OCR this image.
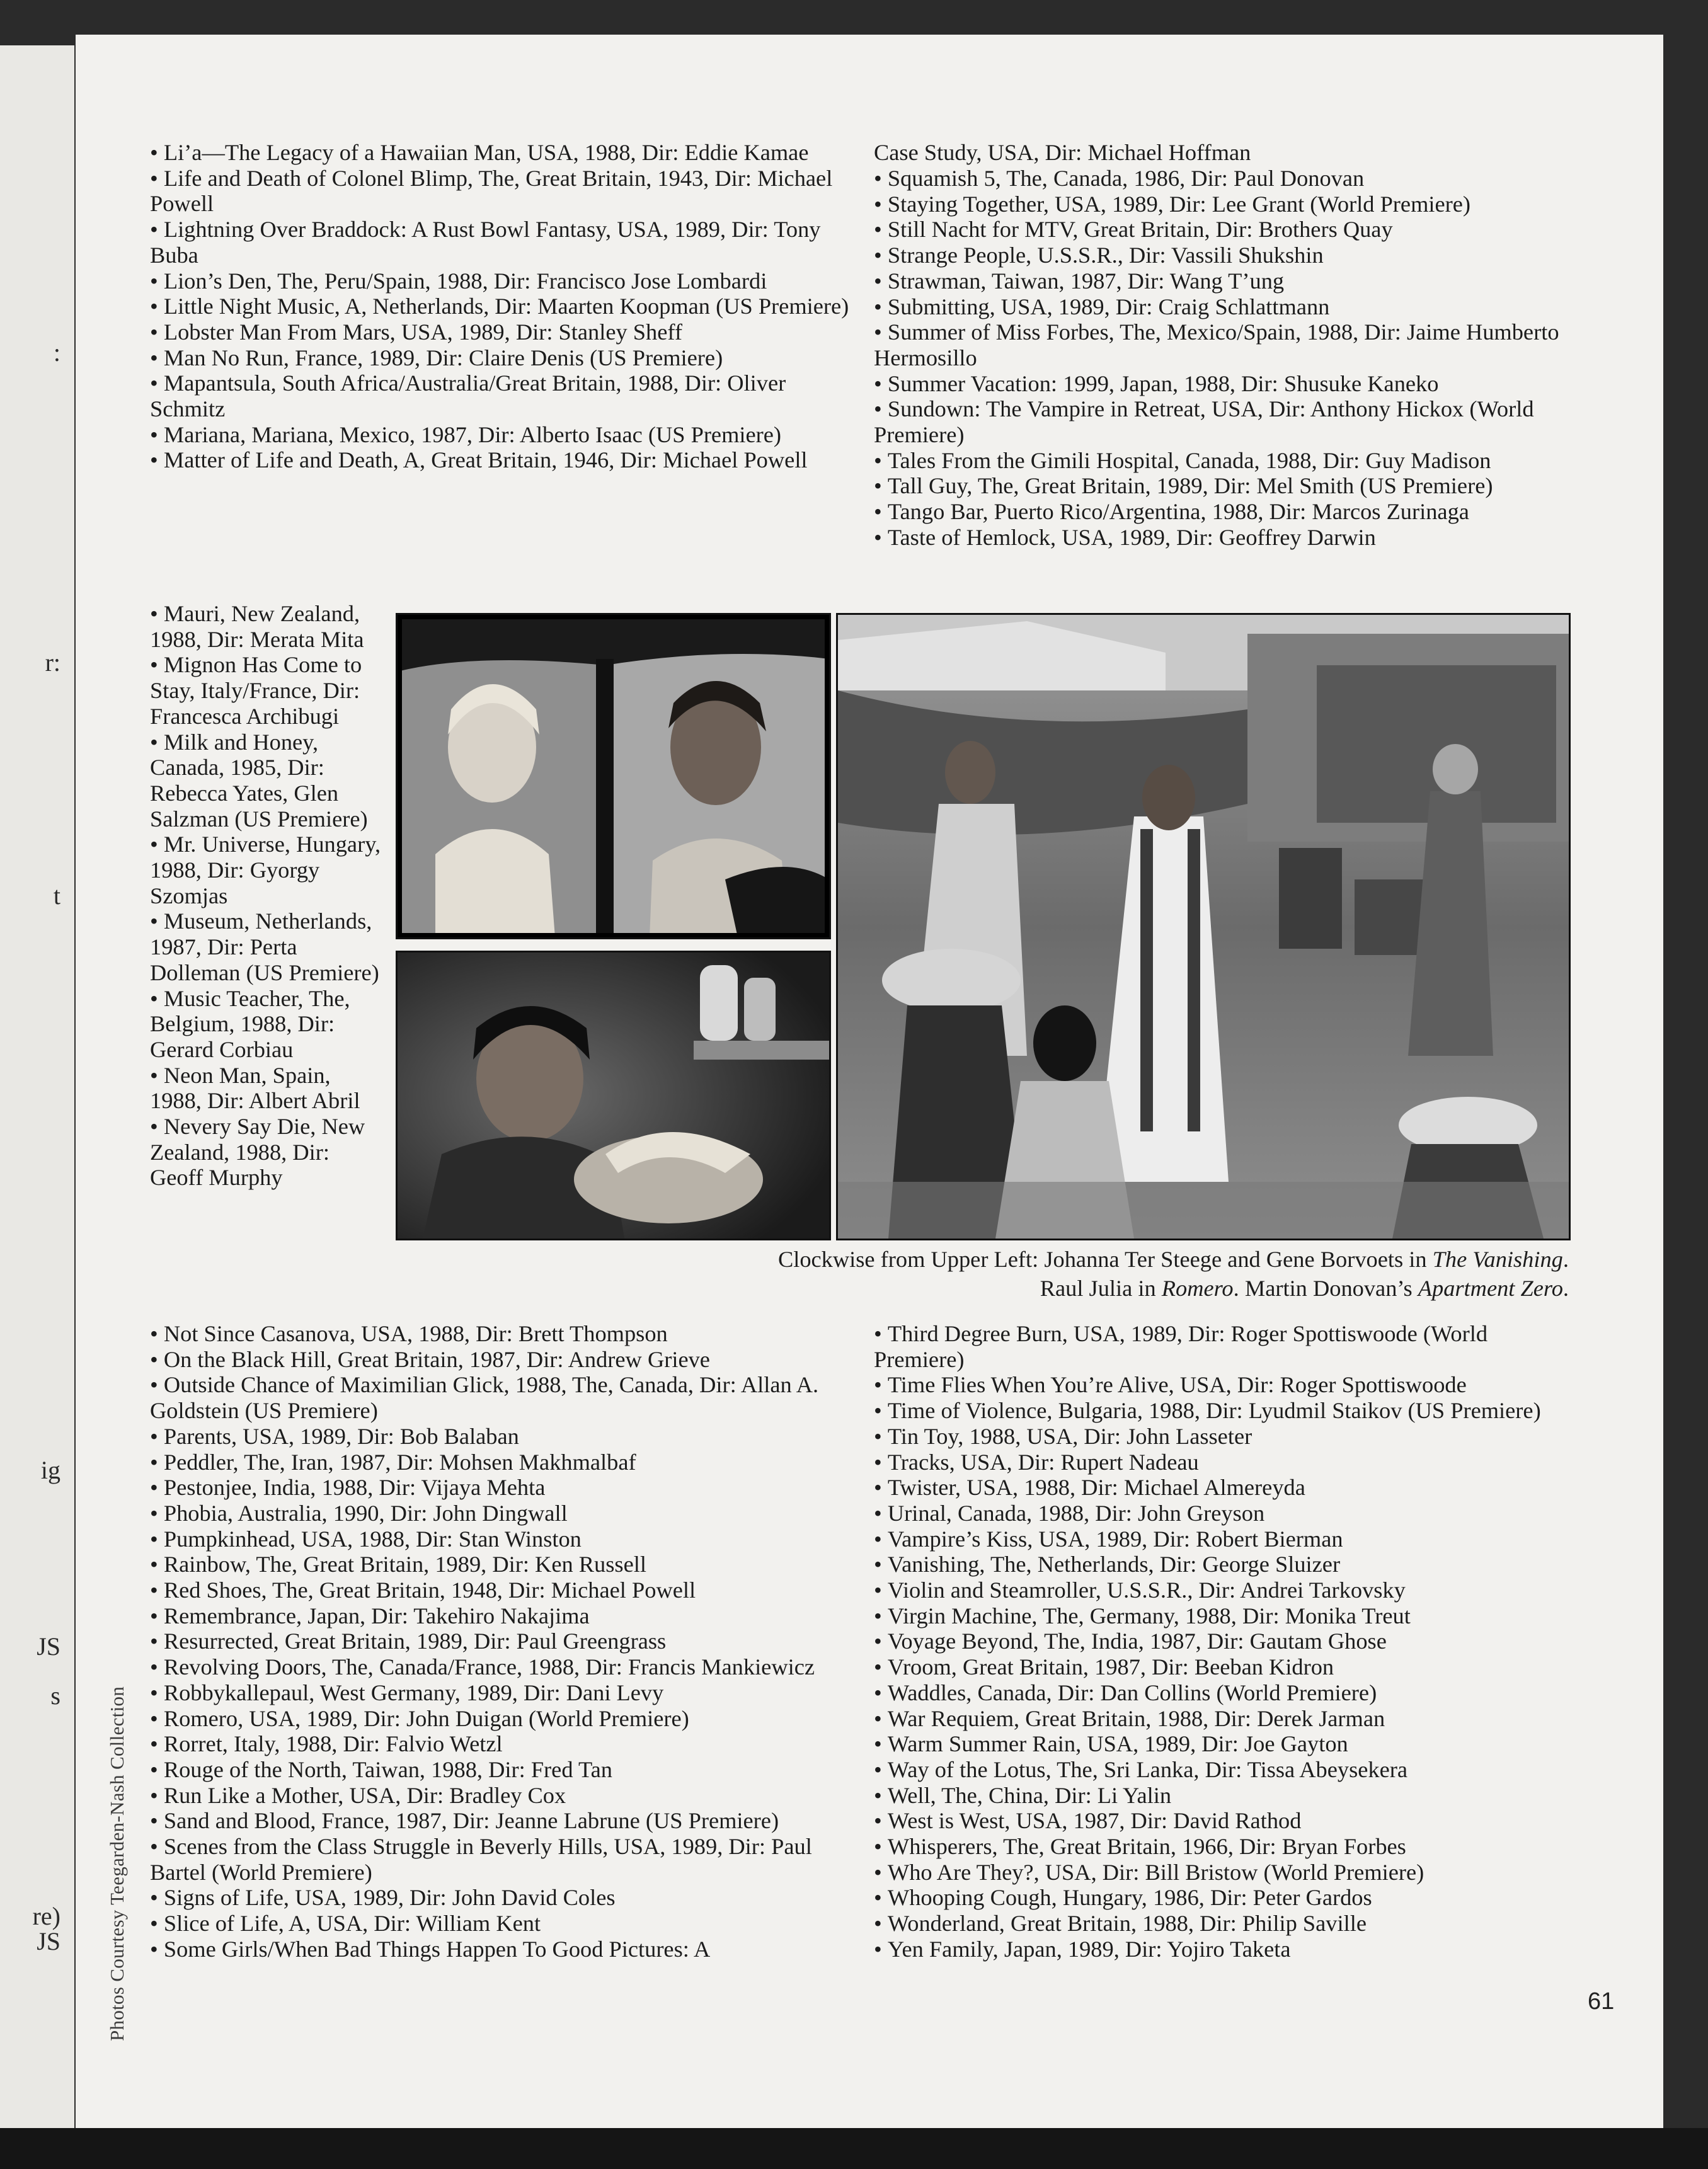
:
r:
t
ig
JS
s
re)
JS Photos Courtesy Teegarden-Nash Collection
• Li’a—The Legacy of a Hawaiian Man, USA, 1988, Dir: Eddie Kamae
• Life and Death of Colonel Blimp, The, Great Britain, 1943, Dir: Michael Powell
• Lightning Over Braddock: A Rust Bowl Fantasy, USA, 1989, Dir: Tony Buba
• Lion’s Den, The, Peru/Spain, 1988, Dir: Francisco Jose Lombardi
• Little Night Music, A, Netherlands, Dir: Maarten Koopman (US Premiere)
• Lobster Man From Mars, USA, 1989, Dir: Stanley Sheff
• Man No Run, France, 1989, Dir: Claire Denis (US Premiere)
• Mapantsula, South Africa/Australia/Great Britain, 1988, Dir: Oliver Schmitz
• Mariana, Mariana, Mexico, 1987, Dir: Alberto Isaac (US Premiere)
• Matter of Life and Death, A, Great Britain, 1946, Dir: Michael Powell
• Mauri, New Zealand, 1988, Dir: Merata Mita
• Mignon Has Come to Stay, Italy/France, Dir: Francesca Archibugi
• Milk and Honey, Canada, 1985, Dir: Rebecca Yates, Glen Salzman (US Premiere)
• Mr. Universe, Hungary, 1988, Dir: Gyorgy Szomjas
• Museum, Netherlands, 1987, Dir: Perta Dolleman (US Premiere)
• Music Teacher, The, Belgium, 1988, Dir: Gerard Corbiau
• Neon Man, Spain, 1988, Dir: Albert Abril
• Nevery Say Die, New Zealand, 1988, Dir: Geoff Murphy
• Not Since Casanova, USA, 1988, Dir: Brett Thompson
• On the Black Hill, Great Britain, 1987, Dir: Andrew Grieve
• Outside Chance of Maximilian Glick, 1988, The, Canada, Dir: Allan A. Goldstein (US Premiere)
• Parents, USA, 1989, Dir: Bob Balaban
• Peddler, The, Iran, 1987, Dir: Mohsen Makhmalbaf
• Pestonjee, India, 1988, Dir: Vijaya Mehta
• Phobia, Australia, 1990, Dir: John Dingwall
• Pumpkinhead, USA, 1988, Dir: Stan Winston
• Rainbow, The, Great Britain, 1989, Dir: Ken Russell
• Red Shoes, The, Great Britain, 1948, Dir: Michael Powell
• Remembrance, Japan, Dir: Takehiro Nakajima
• Resurrected, Great Britain, 1989, Dir: Paul Greengrass
• Revolving Doors, The, Canada/France, 1988, Dir: Francis Mankiewicz
• Robbykallepaul, West Germany, 1989, Dir: Dani Levy
• Romero, USA, 1989, Dir: John Duigan (World Premiere)
• Rorret, Italy, 1988, Dir: Falvio Wetzl
• Rouge of the North, Taiwan, 1988, Dir: Fred Tan
• Run Like a Mother, USA, Dir: Bradley Cox
• Sand and Blood, France, 1987, Dir: Jeanne Labrune (US Premiere)
• Scenes from the Class Struggle in Beverly Hills, USA, 1989, Dir: Paul Bartel (World Premiere)
• Signs of Life, USA, 1989, Dir: John David Coles
• Slice of Life, A, USA, Dir: William Kent
• Some Girls/When Bad Things Happen To Good Pictures: A

Case Study, USA, Dir: Michael Hoffman

• Squamish 5, The, Canada, 1986, Dir: Paul Donovan
• Staying Together, USA, 1989, Dir: Lee Grant (World Premiere)
• Still Nacht for MTV, Great Britain, Dir: Brothers Quay
• Strange People, U.S.S.R., Dir: Vassili Shukshin
• Strawman, Taiwan, 1987, Dir: Wang T’ung
• Submitting, USA, 1989, Dir: Craig Schlattmann
• Summer of Miss Forbes, The, Mexico/Spain, 1988, Dir: Jaime Humberto Hermosillo
• Summer Vacation: 1999, Japan, 1988, Dir: Shusuke Kaneko
• Sundown: The Vampire in Retreat, USA, Dir: Anthony Hickox (World Premiere)
• Tales From the Gimili Hospital, Canada, 1988, Dir: Guy Madison
• Tall Guy, The, Great Britain, 1989, Dir: Mel Smith (US Premiere)
• Tango Bar, Puerto Rico/Argentina, 1988, Dir: Marcos Zurinaga
• Taste of Hemlock, USA, 1989, Dir: Geoffrey Darwin
• Third Degree Burn, USA, 1989, Dir: Roger Spottiswoode (World Premiere)
• Time Flies When You’re Alive, USA, Dir: Roger Spottiswoode
• Time of Violence, Bulgaria, 1988, Dir: Lyudmil Staikov (US Premiere)
• Tin Toy, 1988, USA, Dir: John Lasseter
• Tracks, USA, Dir: Rupert Nadeau
• Twister, USA, 1988, Dir: Michael Almereyda
• Urinal, Canada, 1988, Dir: John Greyson
• Vampire’s Kiss, USA, 1989, Dir: Robert Bierman
• Vanishing, The, Netherlands, Dir: George Sluizer
• Violin and Steamroller, U.S.S.R., Dir: Andrei Tarkovsky
• Virgin Machine, The, Germany, 1988, Dir: Monika Treut
• Voyage Beyond, The, India, 1987, Dir: Gautam Ghose
• Vroom, Great Britain, 1987, Dir: Beeban Kidron
• Waddles, Canada, Dir: Dan Collins (World Premiere)
• War Requiem, Great Britain, 1988, Dir: Derek Jarman
• Warm Summer Rain, USA, 1989, Dir: Joe Gayton
• Way of the Lotus, The, Sri Lanka, Dir: Tissa Abeysekera
• Well, The, China, Dir: Li Yalin
• West is West, USA, 1987, Dir: David Rathod
• Whisperers, The, Great Britain, 1966, Dir: Bryan Forbes
• Who Are They?, USA, Dir: Bill Bristow (World Premiere)
• Whooping Cough, Hungary, 1986, Dir: Peter Gardos
• Wonderland, Great Britain, 1988, Dir: Philip Saville
• Yen Family, Japan, 1989, Dir: Yojiro Taketa
Clockwise from Upper Left: Johanna Ter Steege and Gene Borvoets in The Vanishing.
Raul Julia in Romero. Martin Donovan’s Apartment Zero.
61
